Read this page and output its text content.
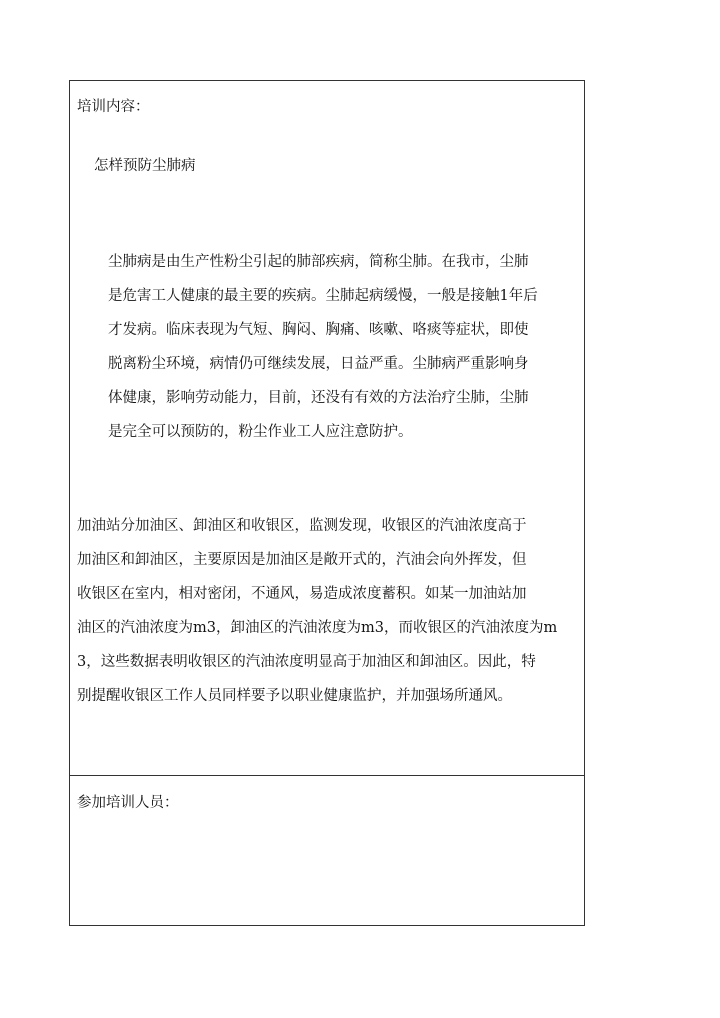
培训内容：
怎样预防尘肺病

尘肺病是由生产性粉尘引起的肺部疾病，简称尘肺。在我市，尘肺
是危害工人健康的最主要的疾病。尘肺起病缓慢，一般是接触1年后
才发病。临床表现为气短、胸闷、胸痛、咳嗽、咯痰等症状，即使
脱离粉尘环境，病情仍可继续发展，日益严重。尘肺病严重影响身
体健康，影响劳动能力，目前，还没有有效的方法治疗尘肺，尘肺
是完全可以预防的，粉尘作业工人应注意防护。

加油站分加油区、卸油区和收银区，监测发现，收银区的汽油浓度高于
加油区和卸油区，主要原因是加油区是敞开式的，汽油会向外挥发，但
收银区在室内，相对密闭，不通风，易造成浓度蓄积。如某一加油站加
油区的汽油浓度为m3，卸油区的汽油浓度为m3，而收银区的汽油浓度为m
3，这些数据表明收银区的汽油浓度明显高于加油区和卸油区。因此，特
别提醒收银区工作人员同样要予以职业健康监护，并加强场所通风。

参加培训人员：
